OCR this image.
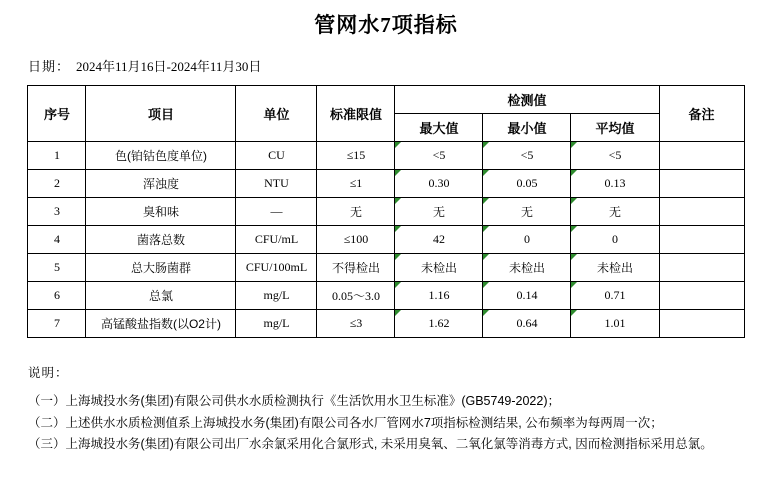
管网水7项指标
日期： 2024年11月16日-2024年11月30日
序号	项目	单位	标准限值	检测值			备注
				最大值	最小值	平均值	
1	色(铂钴色度单位)	CU	≤15	<5	<5	<5	

2	浑浊度	NTU	≤1	0.30	0.05	0.13	

3	臭和味	—	无	无	无	无	

4	菌落总数	CFU/mL	≤100	42	0	0	

5	总大肠菌群	CFU/100mL	不得检出	未检出	未检出	未检出	

6	总氯	mg/L	0.05～3.0	1.16	0.14	0.71	

7	高锰酸盐指数(以O2计)	mg/L	≤3	1.62	0.64	1.01	

说明：
（一）上海城投水务(集团)有限公司供水水质检测执行《生活饮用水卫生标准》(GB5749-2022)；
（二）上述供水水质检测值系上海城投水务(集团)有限公司各水厂管网水7项指标检测结果, 公布频率为每两周一次；
（三）上海城投水务(集团)有限公司出厂水余氯采用化合氯形式, 未采用臭氧、二氧化氯等消毒方式, 因而检测指标采用总氯。
